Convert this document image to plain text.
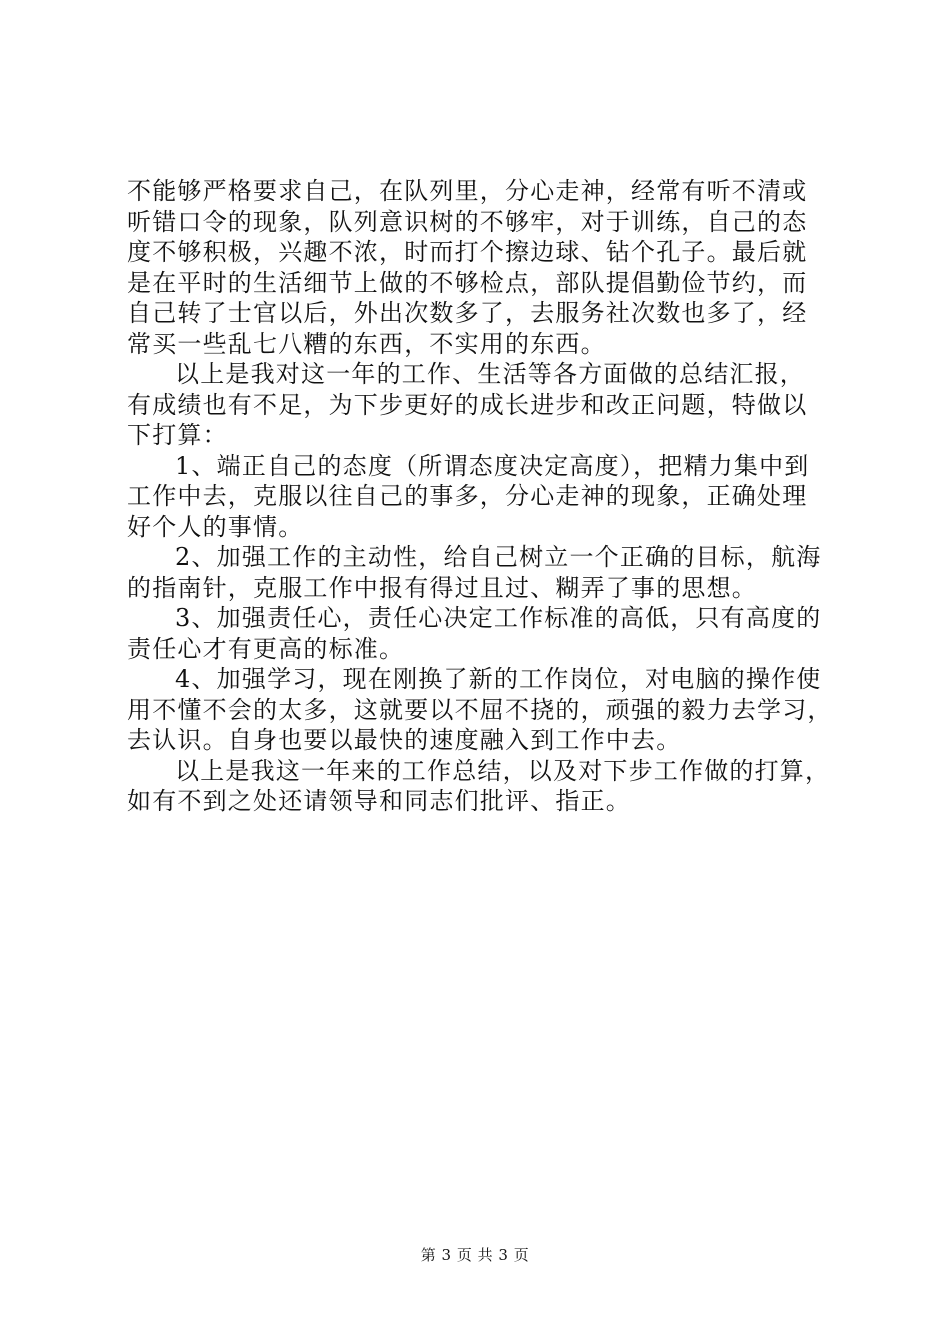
不能够严格要求自己，在队列里，分心走神，经常有听不清或
听错口令的现象，队列意识树的不够牢，对于训练，自己的态
度不够积极，兴趣不浓，时而打个擦边球、钻个孔子。最后就
是在平时的生活细节上做的不够检点，部队提倡勤俭节约，而
自己转了士官以后，外出次数多了，去服务社次数也多了，经
常买一些乱七八糟的东西，不实用的东西。
以上是我对这一年的工作、生活等各方面做的总结汇报，
有成绩也有不足，为下步更好的成长进步和改正问题，特做以
下打算：
1、端正自己的态度（所谓态度决定高度），把精力集中到
工作中去，克服以往自己的事多，分心走神的现象，正确处理
好个人的事情。
2、加强工作的主动性，给自己树立一个正确的目标，航海
的指南针，克服工作中报有得过且过、糊弄了事的思想。
3、加强责任心，责任心决定工作标准的高低，只有高度的
责任心才有更高的标准。
4、加强学习，现在刚换了新的工作岗位，对电脑的操作使
用不懂不会的太多，这就要以不屈不挠的，顽强的毅力去学习，
去认识。自身也要以最快的速度融入到工作中去。
以上是我这一年来的工作总结，以及对下步工作做的打算，
如有不到之处还请领导和同志们批评、指正。
第 3 页 共 3 页
